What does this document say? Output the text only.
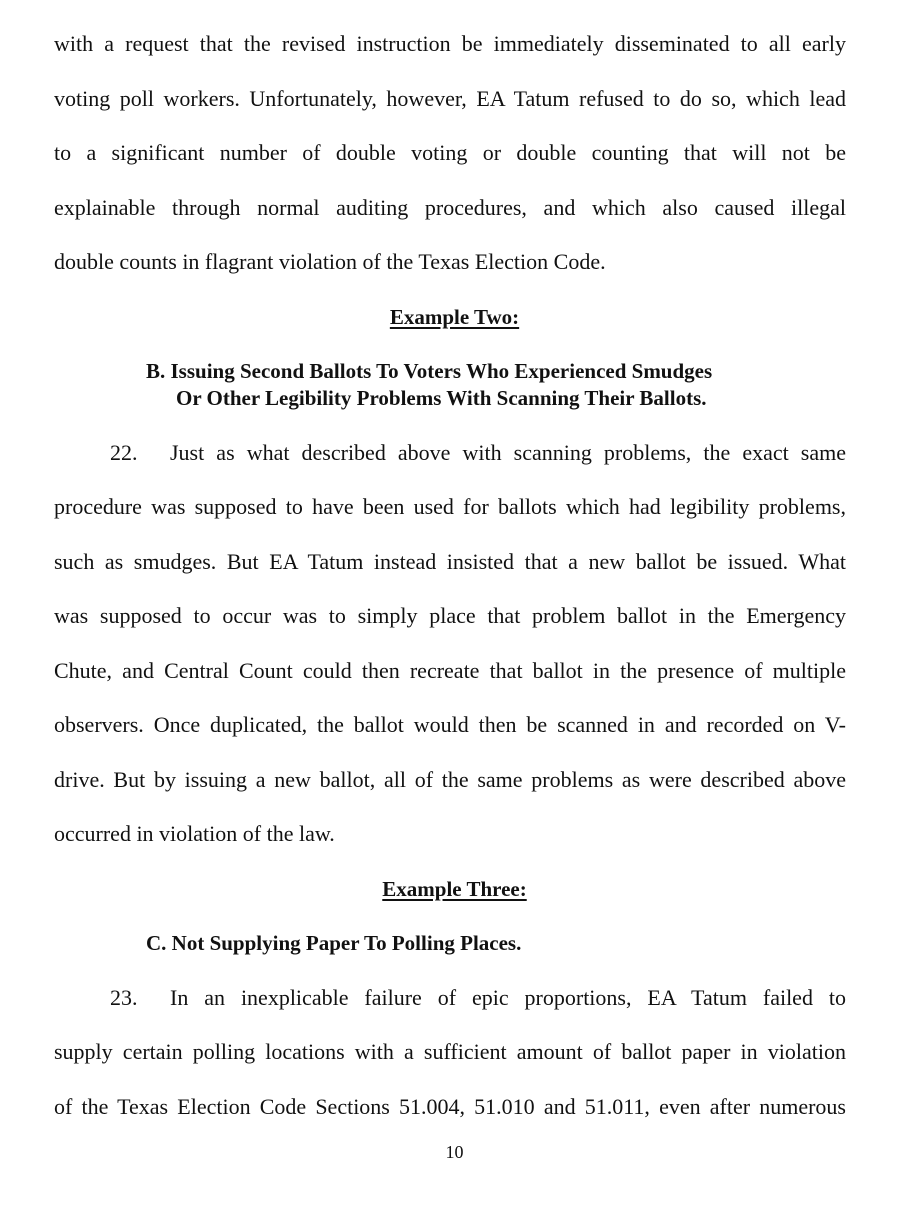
with a request that the revised instruction be immediately disseminated to all early
voting poll workers. Unfortunately, however, EA Tatum refused to do so, which lead
to a significant number of double voting or double counting that will not be
explainable through normal auditing procedures, and which also caused illegal
double counts in flagrant violation of the Texas Election Code.
Example Two:
B. Issuing Second Ballots To Voters Who Experienced Smudges
Or Other Legibility Problems With Scanning Their Ballots.
22. Just as what described above with scanning problems, the exact same
procedure was supposed to have been used for ballots which had legibility problems,
such as smudges. But EA Tatum instead insisted that a new ballot be issued. What
was supposed to occur was to simply place that problem ballot in the Emergency
Chute, and Central Count could then recreate that ballot in the presence of multiple
observers. Once duplicated, the ballot would then be scanned in and recorded on V-
drive. But by issuing a new ballot, all of the same problems as were described above
occurred in violation of the law.
Example Three:
C. Not Supplying Paper To Polling Places.
23. In an inexplicable failure of epic proportions, EA Tatum failed to
supply certain polling locations with a sufficient amount of ballot paper in violation
of the Texas Election Code Sections 51.004, 51.010 and 51.011, even after numerous
10
